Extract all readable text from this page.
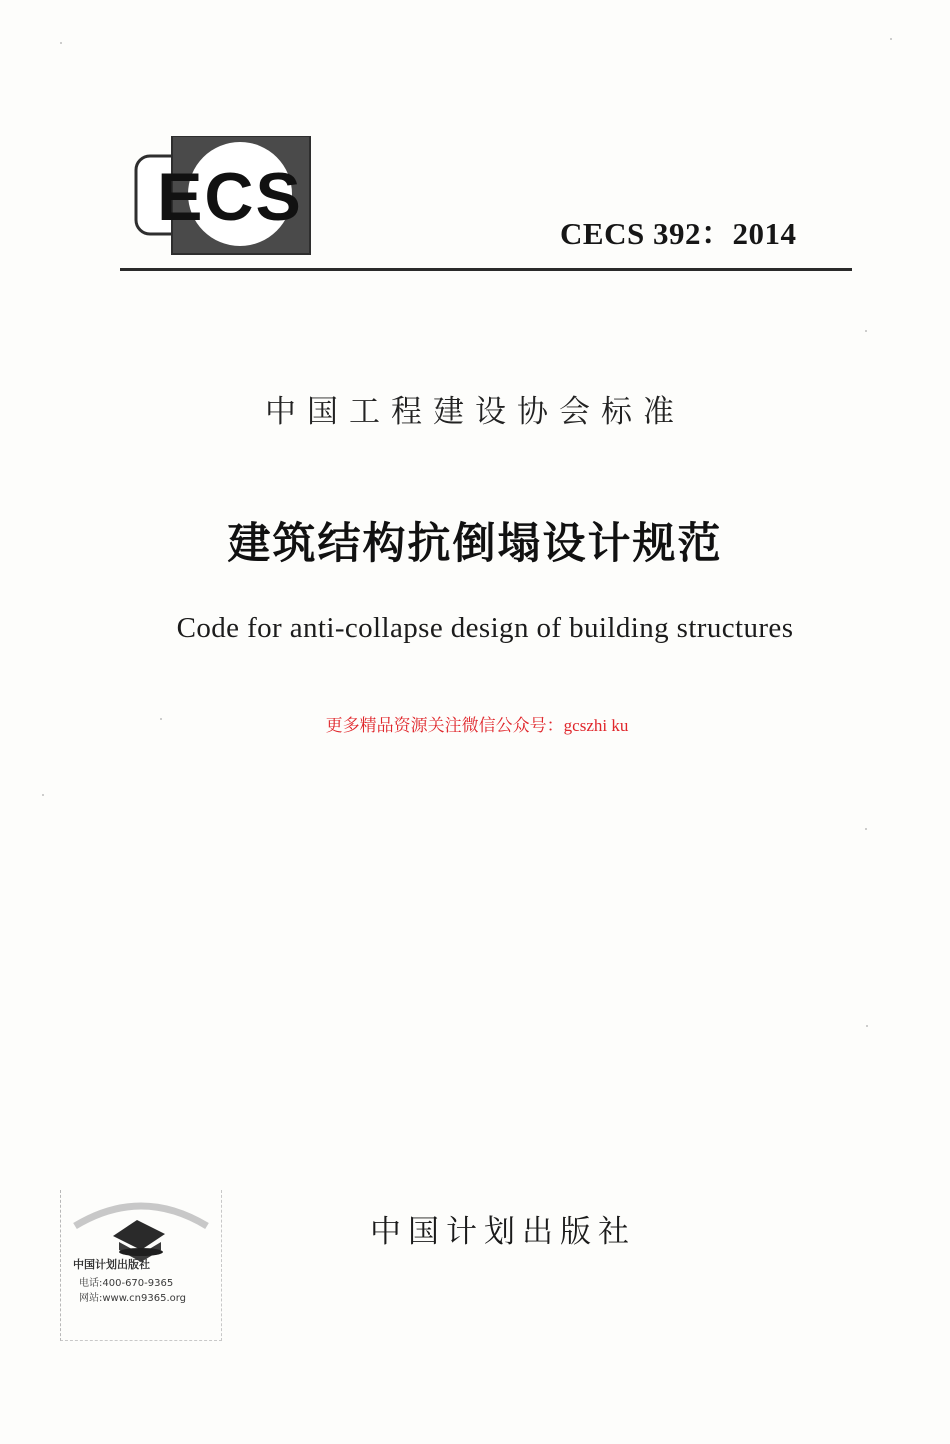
ECS	CECS 392：2014
中国工程建设协会标准
建筑结构抗倒塌设计规范
Code for anti-collapse design of building structures
更多精品资源关注微信公众号：gcszhi ku
中国计划出版社
电话:400-670-9365
网站:www.cn9365.org
中国计划出版社
